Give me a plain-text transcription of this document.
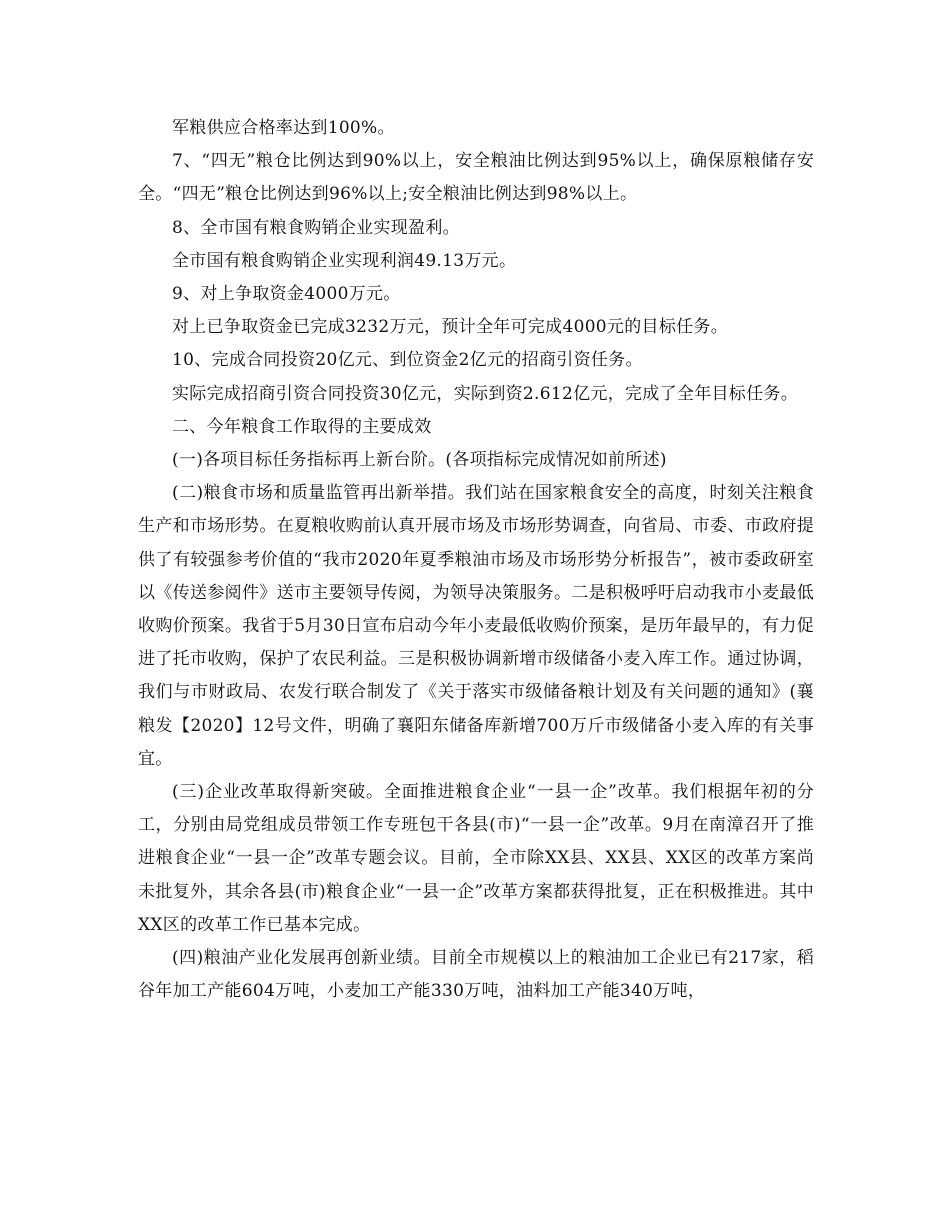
军粮供应合格率达到100%。

7、“四无”粮仓比例达到90%以上，安全粮油比例达到95%以上，确保原粮储存安全。“四无”粮仓比例达到96%以上;安全粮油比例达到98%以上。

8、全市国有粮食购销企业实现盈利。

全市国有粮食购销企业实现利润49.13万元。

9、对上争取资金4000万元。

对上已争取资金已完成3232万元，预计全年可完成4000元的目标任务。

10、完成合同投资20亿元、到位资金2亿元的招商引资任务。

实际完成招商引资合同投资30亿元，实际到资2.612亿元，完成了全年目标任务。

二、今年粮食工作取得的主要成效

(一)各项目标任务指标再上新台阶。(各项指标完成情况如前所述)

(二)粮食市场和质量监管再出新举措。我们站在国家粮食安全的高度，时刻关注粮食生产和市场形势。在夏粮收购前认真开展市场及市场形势调查，向省局、市委、市政府提供了有较强参考价值的“我市2020年夏季粮油市场及市场形势分析报告”，被市委政研室以《传送参阅件》送市主要领导传阅，为领导决策服务。二是积极呼吁启动我市小麦最低收购价预案。我省于5月30日宣布启动今年小麦最低收购价预案，是历年最早的，有力促进了托市收购，保护了农民利益。三是积极协调新增市级储备小麦入库工作。通过协调，我们与市财政局、农发行联合制发了《关于落实市级储备粮计划及有关问题的通知》(襄粮发【2020】12号文件，明确了襄阳东储备库新增700万斤市级储备小麦入库的有关事宜。

(三)企业改革取得新突破。全面推进粮食企业“一县一企”改革。我们根据年初的分工，分别由局党组成员带领工作专班包干各县(市)“一县一企”改革。9月在南漳召开了推进粮食企业“一县一企”改革专题会议。目前，全市除XX县、XX县、XX区的改革方案尚未批复外，其余各县(市)粮食企业“一县一企”改革方案都获得批复，正在积极推进。其中XX区的改革工作已基本完成。

(四)粮油产业化发展再创新业绩。目前全市规模以上的粮油加工企业已有217家，稻谷年加工产能604万吨，小麦加工产能330万吨，油料加工产能340万吨，
